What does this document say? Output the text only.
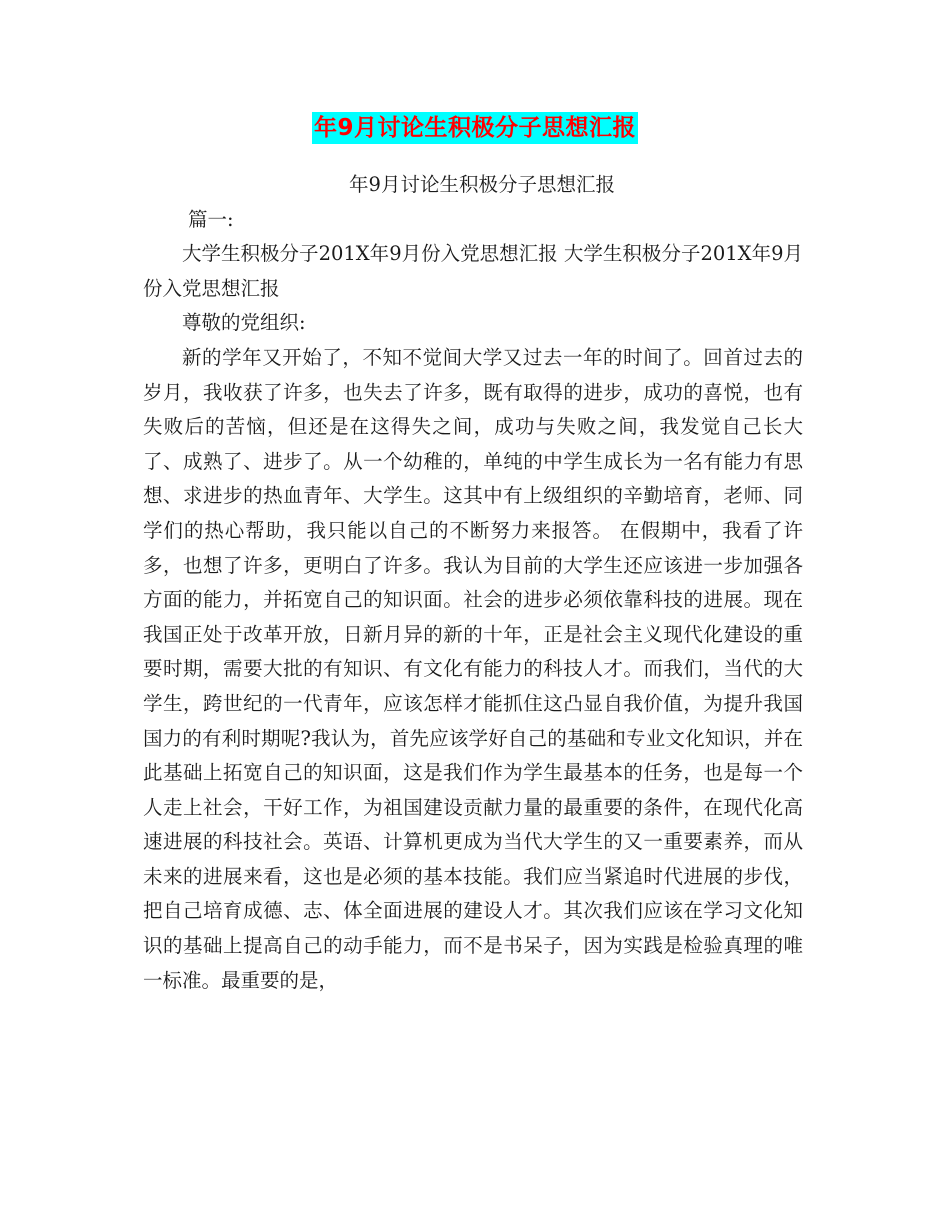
年9月讨论生积极分子思想汇报

年9月讨论生积极分子思想汇报

篇一:

大学生积极分子201X年9月份入党思想汇报 大学生积极分子201X年9月份入党思想汇报

尊敬的党组织:

新的学年又开始了，不知不觉间大学又过去一年的时间了。回首过去的岁月，我收获了许多，也失去了许多，既有取得的进步，成功的喜悦，也有失败后的苦恼，但还是在这得失之间，成功与失败之间，我发觉自己长大了、成熟了、进步了。从一个幼稚的，单纯的中学生成长为一名有能力有思想、求进步的热血青年、大学生。这其中有上级组织的辛勤培育，老师、同学们的热心帮助，我只能以自己的不断努力来报答。 在假期中，我看了许多，也想了许多，更明白了许多。我认为目前的大学生还应该进一步加强各方面的能力，并拓宽自己的知识面。社会的进步必须依靠科技的进展。现在我国正处于改革开放，日新月异的新的十年，正是社会主义现代化建设的重要时期，需要大批的有知识、有文化有能力的科技人才。而我们，当代的大学生，跨世纪的一代青年，应该怎样才能抓住这凸显自我价值，为提升我国国力的有利时期呢?我认为，首先应该学好自己的基础和专业文化知识，并在此基础上拓宽自己的知识面，这是我们作为学生最基本的任务，也是每一个人走上社会，干好工作，为祖国建设贡献力量的最重要的条件，在现代化高速进展的科技社会。英语、计算机更成为当代大学生的又一重要素养，而从未来的进展来看，这也是必须的基本技能。我们应当紧追时代进展的步伐，把自己培育成德、志、体全面进展的建设人才。其次我们应该在学习文化知识的基础上提高自己的动手能力，而不是书呆子，因为实践是检验真理的唯一标准。最重要的是，
